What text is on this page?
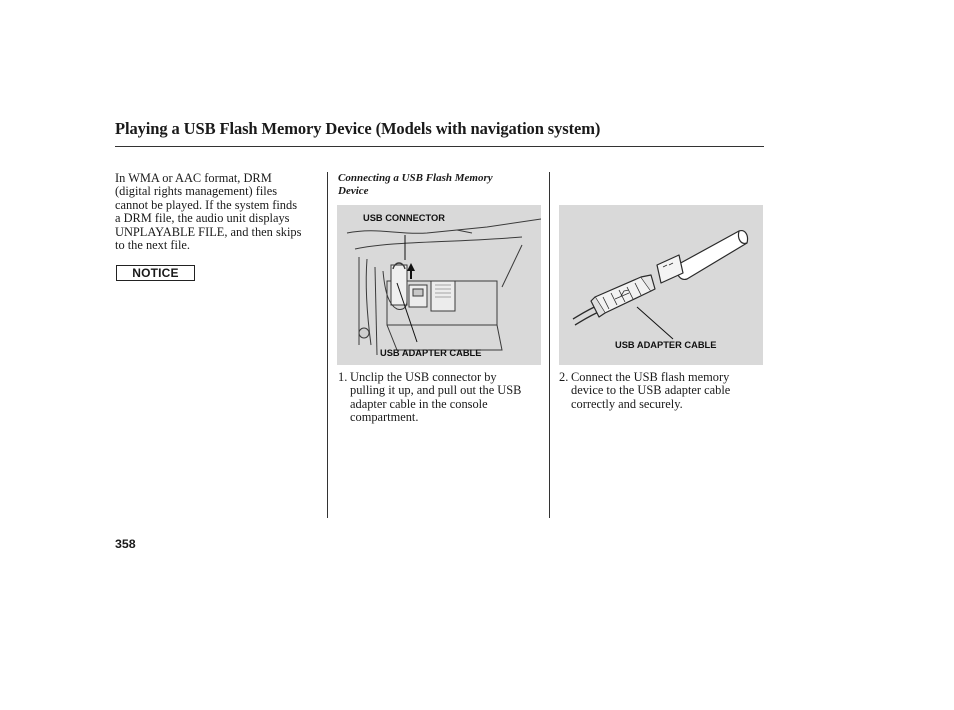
Playing a USB Flash Memory Device (Models with navigation system)
In WMA or AAC format, DRM
(digital rights management) files
cannot be played. If the system finds
a DRM file, the audio unit displays
UNPLAYABLE FILE, and then skips
to the next file.
NOTICE
Connecting a USB Flash Memory
Device
USB CONNECTOR
USB ADAPTER CABLE
USB ADAPTER CABLE
1. Unclip the USB connector by
pulling it up, and pull out the USB
adapter cable in the console
compartment.
2. Connect the USB flash memory
device to the USB adapter cable
correctly and securely.
358
